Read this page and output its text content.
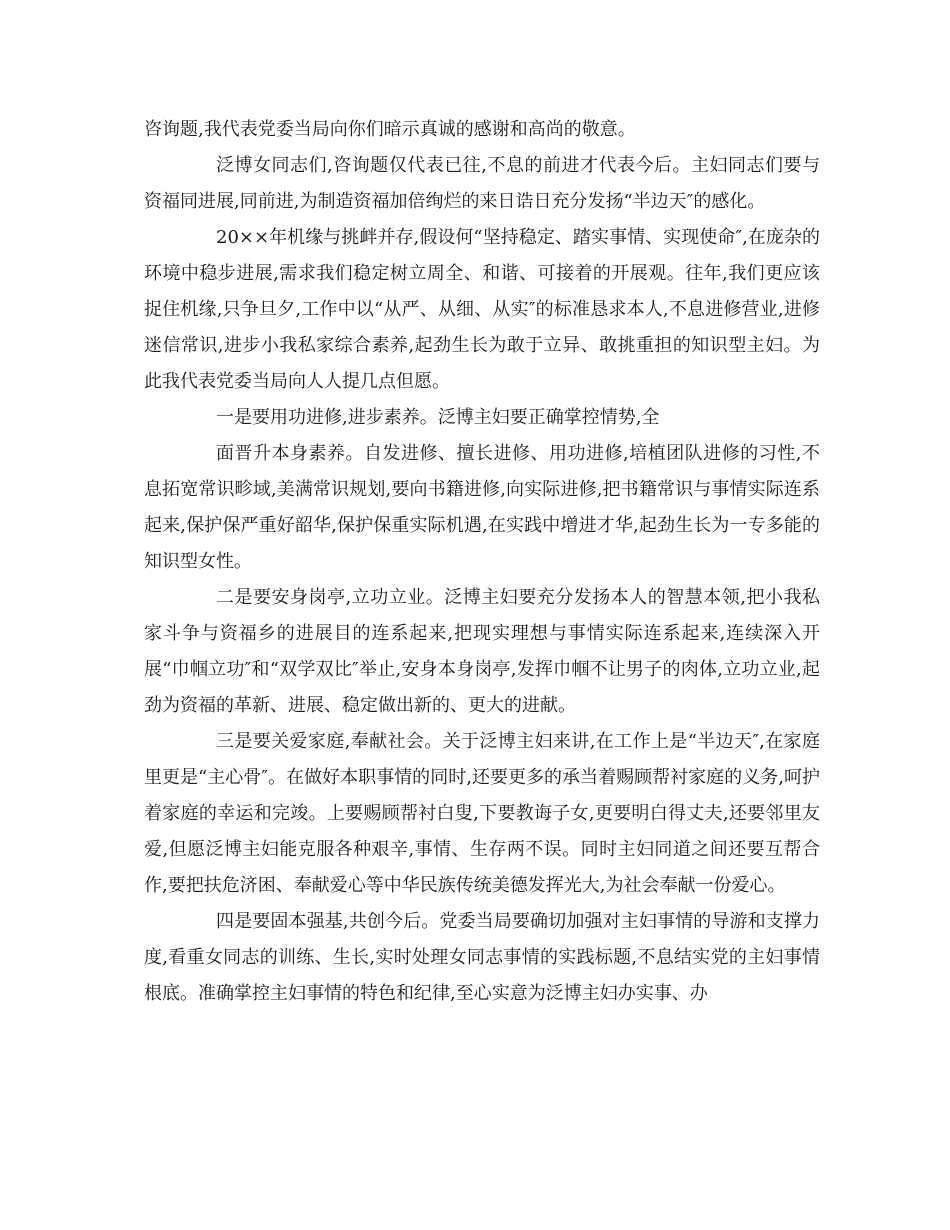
咨询题,我代表党委当局向你们暗示真诚的感谢和高尚的敬意。

泛博女同志们,咨询题仅代表已往,不息的前进才代表今后。主妇同志们要与资福同进展,同前进,为制造资福加倍绚烂的来日诰日充分发扬“半边天″的感化。

20××年机缘与挑衅并存,假设何“坚持稳定、踏实事情、实现使命″,在庞杂的环境中稳步进展,需求我们稳定树立周全、和谐、可接着的开展观。往年,我们更应该捉住机缘,只争旦夕,工作中以“从严、从细、从实″的标准恳求本人,不息进修营业,进修迷信常识,进步小我私家综合素养,起劲生长为敢于立异、敢挑重担的知识型主妇。为此我代表党委当局向人人提几点但愿。

一是要用功进修,进步素养。泛博主妇要正确掌控情势,全

面晋升本身素养。自发进修、擅长进修、用功进修,培植团队进修的习性,不息拓宽常识畛域,美满常识规划,要向书籍进修,向实际进修,把书籍常识与事情实际连系起来,保护保严重好韶华,保护保重实际机遇,在实践中增进才华,起劲生长为一专多能的知识型女性。

二是要安身岗亭,立功立业。泛博主妇要充分发扬本人的智慧本领,把小我私家斗争与资福乡的进展目的连系起来,把现实理想与事情实际连系起来,连续深入开展“巾帼立功″和“双学双比″举止,安身本身岗亭,发挥巾帼不让男子的肉体,立功立业,起劲为资福的革新、进展、稳定做出新的、更大的进献。

三是要关爱家庭,奉献社会。关于泛博主妇来讲,在工作上是“半边天″,在家庭里更是“主心骨″。在做好本职事情的同时,还要更多的承当着赐顾帮衬家庭的义务,呵护着家庭的幸运和完竣。上要赐顾帮衬白叟,下要教诲子女,更要明白得丈夫,还要邻里友爱,但愿泛博主妇能克服各种艰辛,事情、生存两不误。同时主妇同道之间还要互帮合作,要把扶危济困、奉献爱心等中华民族传统美德发挥光大,为社会奉献一份爱心。

四是要固本强基,共创今后。党委当局要确切加强对主妇事情的导游和支撑力度,看重女同志的训练、生长,实时处理女同志事情的实践标题,不息结实党的主妇事情根底。准确掌控主妇事情的特色和纪律,至心实意为泛博主妇办实事、办
